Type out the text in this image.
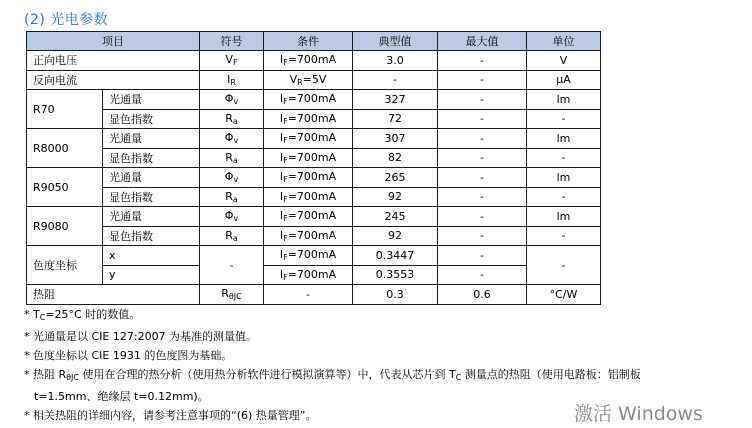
(2) 光电参数
项目		符号	条件	典型值	最大值	单位
正向电压		$V_F$	$I_F=700mA$	3.0	-	V
反向电流		$I_R$	$V_R=5V$	-	-	μA
R70	光通量	$\Phi_v$	$I_F=700mA$	327	-	lm
	显色指数	$R_a$	$I_F=700mA$	72	-	-
R8000	光通量	$\Phi_v$	$I_F=700mA$	307	-	lm
	显色指数	$R_a$	$I_F=700mA$	82	-	-
R9050	光通量	$\Phi_v$	$I_F=700mA$	265	-	lm
	显色指数	$R_a$	$I_F=700mA$	92	-	-
R9080	光通量	$\Phi_v$	$I_F=700mA$	245	-	lm
	显色指数	$R_a$	$I_F=700mA$	92	-	-
色度坐标	x	-	$I_F=700mA$	0.3447	-	-
	y		$I_F=700mA$	0.3553	-	
热阻		$R_{\theta JC}$	-	0.3	0.6	°C/W
* $T_C=25^\circ C$ 时的数值。
* 光通量是以 CIE 127:2007 为基准的测量值。
* 色度坐标以 CIE 1931 的色度图为基础。
* 热阻 $R_{\theta JC}$ 使用在合理的热分析（使用热分析软件进行模拟演算等）中，代表从芯片到 $T_C$ 测量点的热阻（使用电路板：铝制板
t=1.5mm、绝缘层 t=0.12mm)。
* 相关热阻的详细内容，请参考注意事项的“(6) 热量管理”。	激活 Windows
